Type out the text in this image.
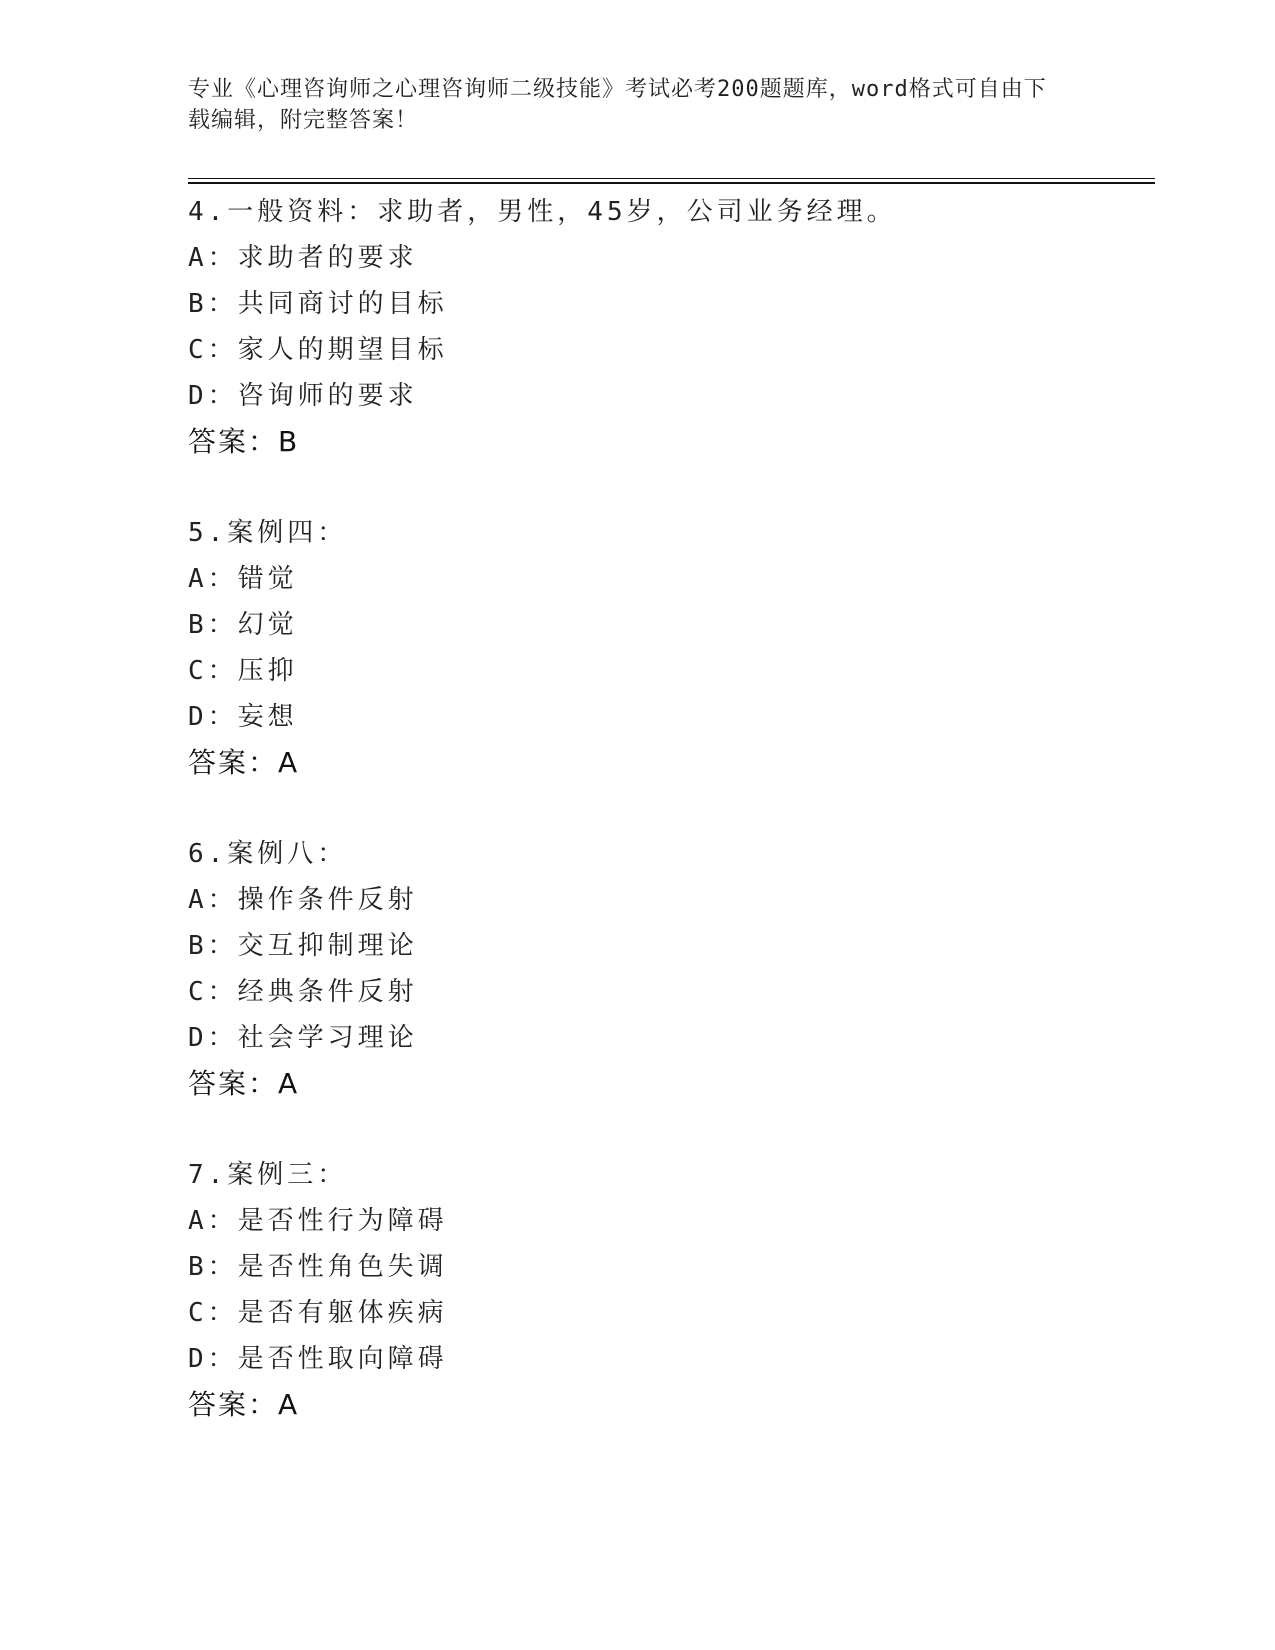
专业《心理咨询师之心理咨询师二级技能》考试必考200题题库，word格式可自由下载编辑，附完整答案！
4.一般资料：求助者，男性，45岁，公司业务经理。
A：求助者的要求
B：共同商讨的目标
C：家人的期望目标
D：咨询师的要求
答案：B
5.案例四：
A：错觉
B：幻觉
C：压抑
D：妄想
答案：A
6.案例八：
A：操作条件反射
B：交互抑制理论
C：经典条件反射
D：社会学习理论
答案：A
7.案例三：
A：是否性行为障碍
B：是否性角色失调
C：是否有躯体疾病
D：是否性取向障碍
答案：A
